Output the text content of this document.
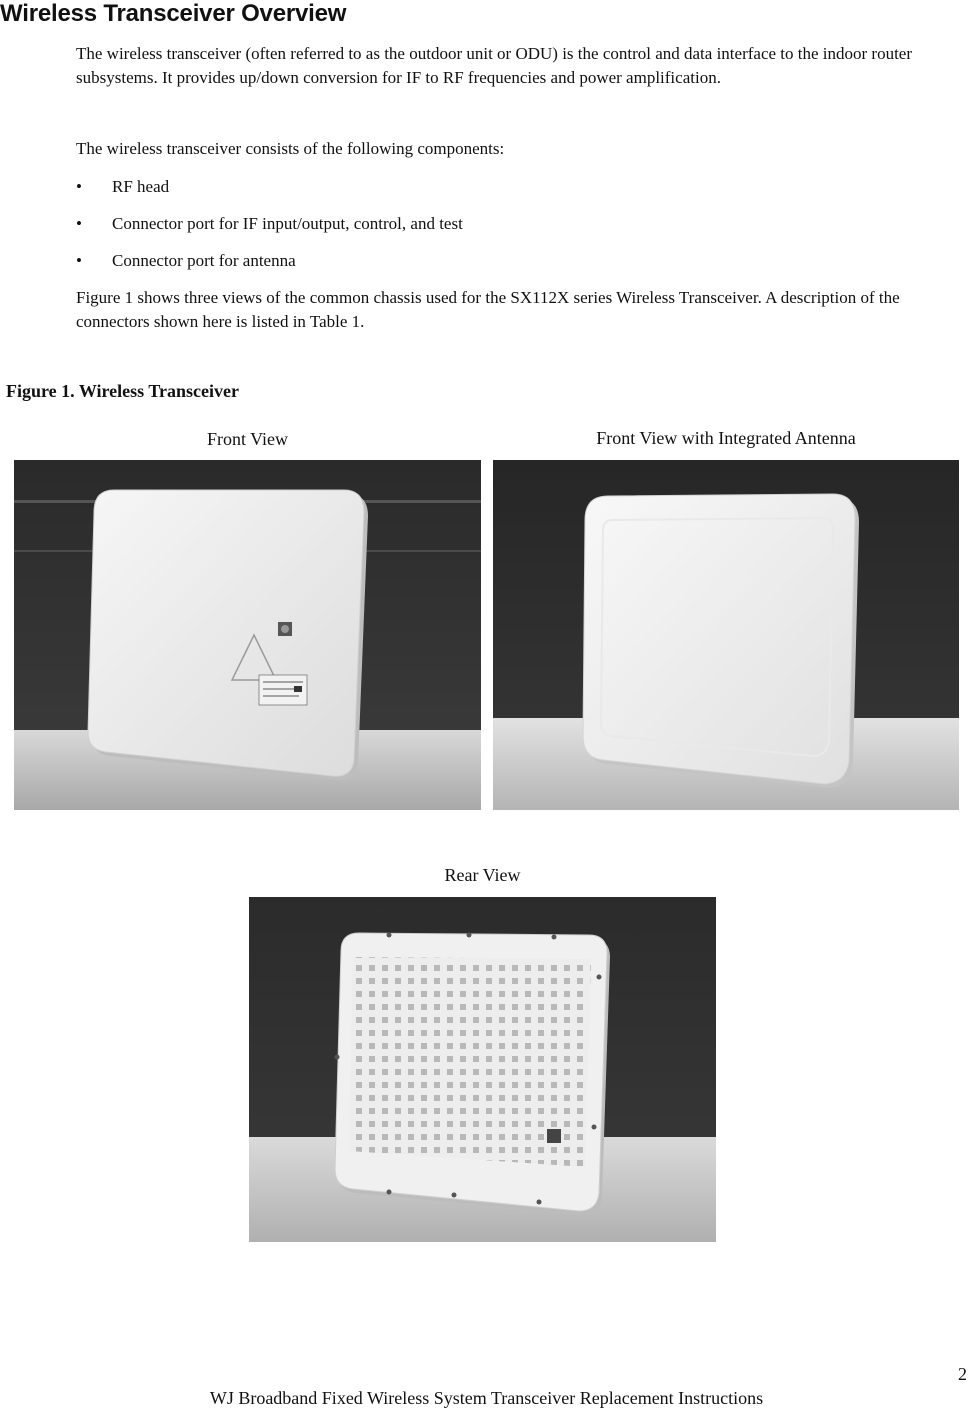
Wireless Transceiver Overview

The wireless transceiver (often referred to as the outdoor unit or ODU) is the control and data interface to the indoor router subsystems. It provides up/down conversion for IF to RF frequencies and power amplification.

The wireless transceiver consists of the following components:

•	RF head
•	Connector port for IF input/output, control, and test
•	Connector port for antenna

Figure 1 shows three views of the common chassis used for the SX112X series Wireless Transceiver. A description of the connectors shown here is listed in Table 1.

Figure 1. Wireless Transceiver
Front View	Front View with Integrated Antenna
Rear View
2
WJ Broadband Fixed Wireless System Transceiver Replacement Instructions
